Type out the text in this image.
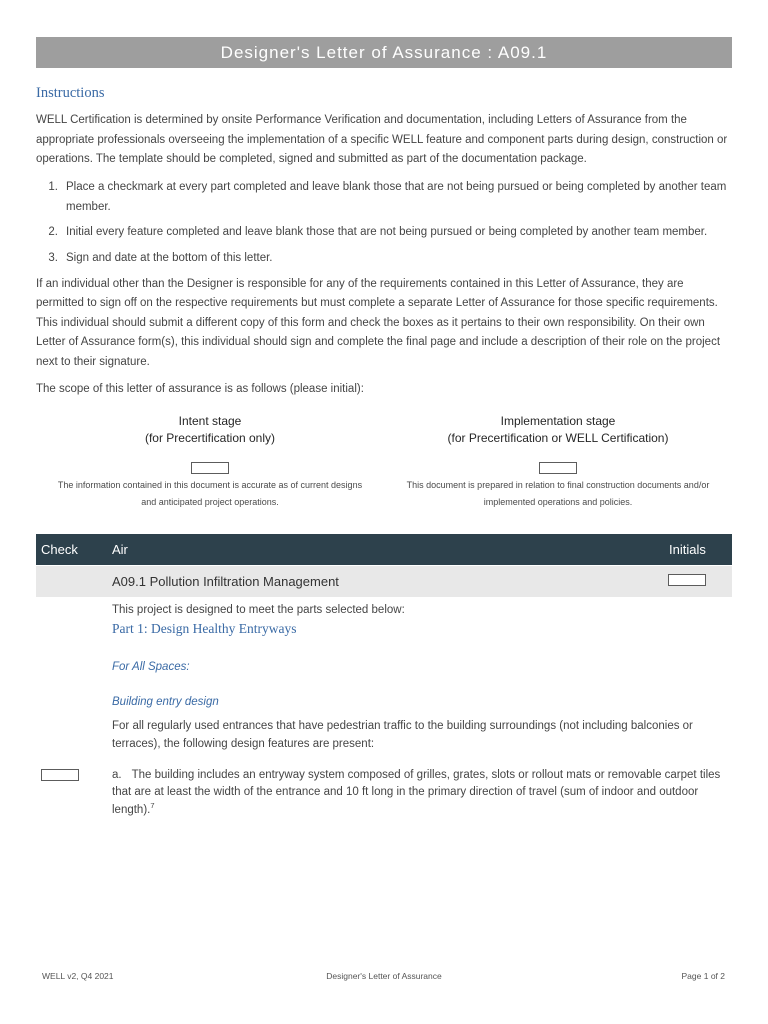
Designer's Letter of Assurance : A09.1
Instructions

WELL Certification is determined by onsite Performance Verification and documentation, including Letters of Assurance from the appropriate professionals overseeing the implementation of a specific WELL feature and component parts during design, construction or operations. The template should be completed, signed and submitted as part of the documentation package.

1. Place a checkmark at every part completed and leave blank those that are not being pursued or being completed by another team member.
2. Initial every feature completed and leave blank those that are not being pursued or being completed by another team member.
3. Sign and date at the bottom of this letter.

If an individual other than the Designer is responsible for any of the requirements contained in this Letter of Assurance, they are permitted to sign off on the respective requirements but must complete a separate Letter of Assurance for those specific requirements. This individual should submit a different copy of this form and check the boxes as it pertains to their own responsibility. On their own Letter of Assurance form(s), this individual should sign and complete the final page and include a description of their role on the project next to their signature.

The scope of this letter of assurance is as follows (please initial):

Intent stage
(for Precertification only)
The information contained in this document is accurate as of current designs and anticipated project operations.
Implementation stage
(for Precertification or WELL Certification)
This document is prepared in relation to final construction documents and/or implemented operations and policies.
Check	Air	Initials
A09.1 Pollution Infiltration Management

This project is designed to meet the parts selected below:

Part 1: Design Healthy Entryways
For All Spaces:
Building entry design

For all regularly used entrances that have pedestrian traffic to the building surroundings (not including balconies or terraces), the following design features are present:

a. The building includes an entryway system composed of grilles, grates, slots or rollout mats or removable carpet tiles that are at least the width of the entrance and 10 ft long in the primary direction of travel (sum of indoor and outdoor length).$^7$
WELL v2, Q4 2021	Designer's Letter of Assurance	Page 1 of 2
